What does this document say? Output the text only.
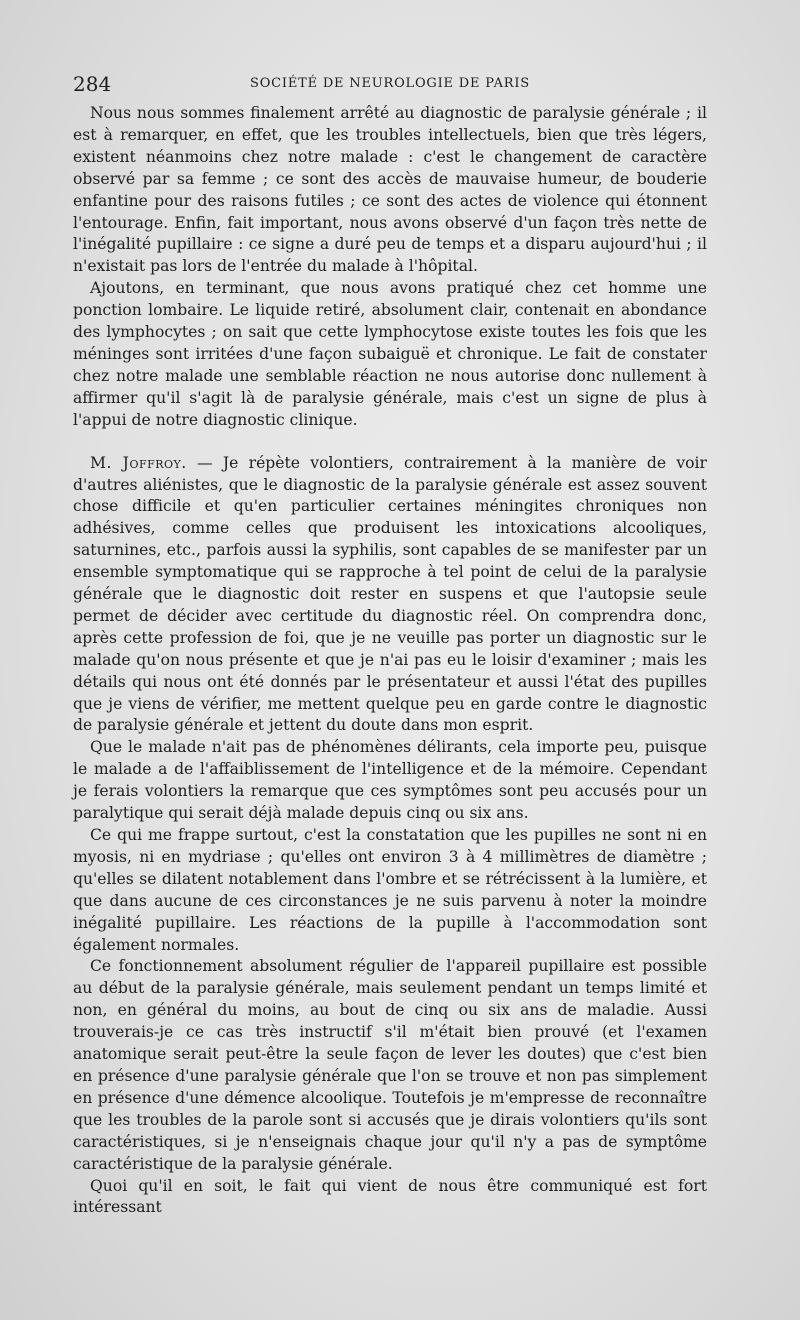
284	SOCIÉTÉ DE NEUROLOGIE DE PARIS

Nous nous sommes finalement arrêté au diagnostic de paralysie générale ; il est à remarquer, en effet, que les troubles intellectuels, bien que très légers, existent néanmoins chez notre malade : c'est le changement de caractère observé par sa femme ; ce sont des accès de mauvaise humeur, de bouderie enfantine pour des raisons futiles ; ce sont des actes de violence qui étonnent l'entourage. Enfin, fait important, nous avons observé d'un façon très nette de l'inégalité pupillaire : ce signe a duré peu de temps et a disparu aujourd'hui ; il n'existait pas lors de l'entrée du malade à l'hôpital.

Ajoutons, en terminant, que nous avons pratiqué chez cet homme une ponction lombaire. Le liquide retiré, absolument clair, contenait en abondance des lymphocytes ; on sait que cette lymphocytose existe toutes les fois que les méninges sont irritées d'une façon subaiguë et chronique. Le fait de constater chez notre malade une semblable réaction ne nous autorise donc nullement à affirmer qu'il s'agit là de paralysie générale, mais c'est un signe de plus à l'appui de notre diagnostic clinique.

M. Joffroy. — Je répète volontiers, contrairement à la manière de voir d'autres aliénistes, que le diagnostic de la paralysie générale est assez souvent chose difficile et qu'en particulier certaines méningites chroniques non adhésives, comme celles que produisent les intoxications alcooliques, saturnines, etc., parfois aussi la syphilis, sont capables de se manifester par un ensemble symptomatique qui se rapproche à tel point de celui de la paralysie générale que le diagnostic doit rester en suspens et que l'autopsie seule permet de décider avec certitude du diagnostic réel. On comprendra donc, après cette profession de foi, que je ne veuille pas porter un diagnostic sur le malade qu'on nous présente et que je n'ai pas eu le loisir d'examiner ; mais les détails qui nous ont été donnés par le présentateur et aussi l'état des pupilles que je viens de vérifier, me mettent quelque peu en garde contre le diagnostic de paralysie générale et jettent du doute dans mon esprit.

Que le malade n'ait pas de phénomènes délirants, cela importe peu, puisque le malade a de l'affaiblissement de l'intelligence et de la mémoire. Cependant je ferais volontiers la remarque que ces symptômes sont peu accusés pour un paralytique qui serait déjà malade depuis cinq ou six ans.

Ce qui me frappe surtout, c'est la constatation que les pupilles ne sont ni en myosis, ni en mydriase ; qu'elles ont environ 3 à 4 millimètres de diamètre ; qu'elles se dilatent notablement dans l'ombre et se rétrécissent à la lumière, et que dans aucune de ces circonstances je ne suis parvenu à noter la moindre inégalité pupillaire. Les réactions de la pupille à l'accommodation sont également normales.

Ce fonctionnement absolument régulier de l'appareil pupillaire est possible au début de la paralysie générale, mais seulement pendant un temps limité et non, en général du moins, au bout de cinq ou six ans de maladie. Aussi trouverais-je ce cas très instructif s'il m'était bien prouvé (et l'examen anatomique serait peut-être la seule façon de lever les doutes) que c'est bien en présence d'une paralysie générale que l'on se trouve et non pas simplement en présence d'une démence alcoolique. Toutefois je m'empresse de reconnaître que les troubles de la parole sont si accusés que je dirais volontiers qu'ils sont caractéristiques, si je n'enseignais chaque jour qu'il n'y a pas de symptôme caractéristique de la paralysie générale.

Quoi qu'il en soit, le fait qui vient de nous être communiqué est fort intéressant
